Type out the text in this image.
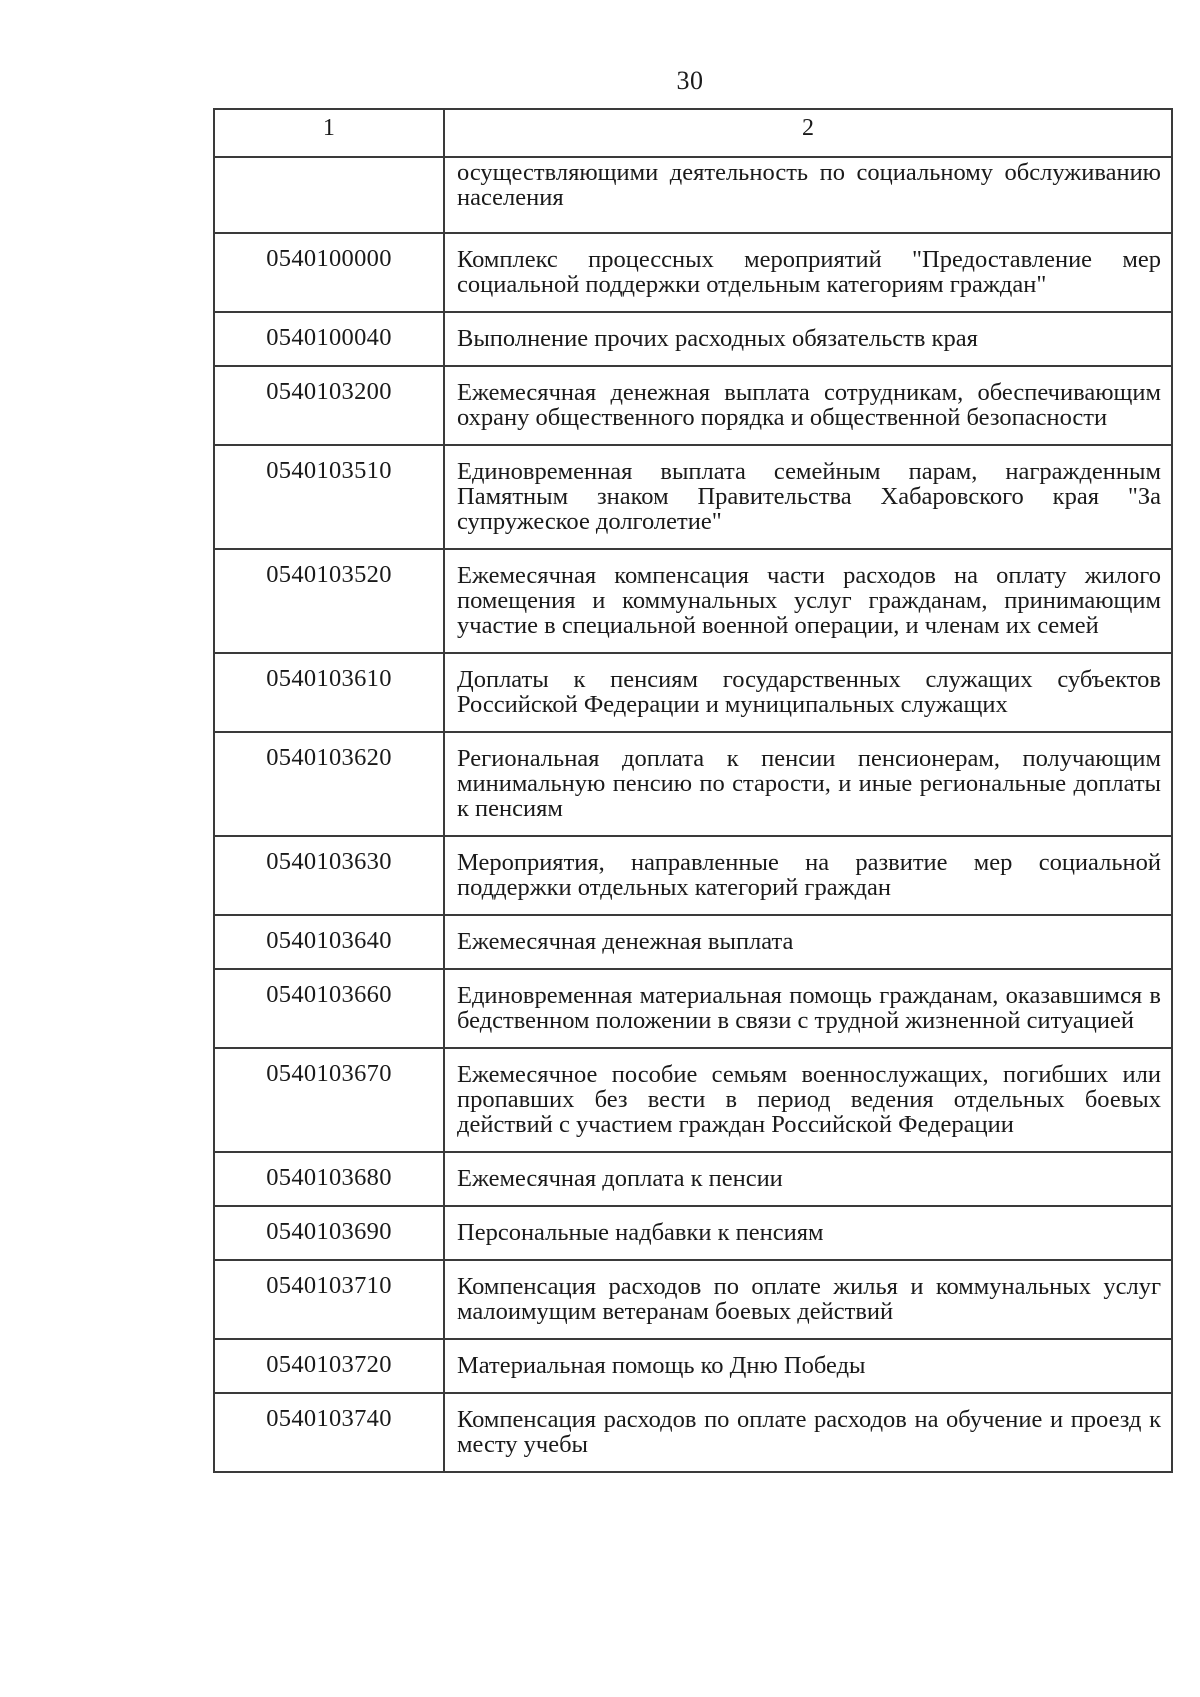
30
1	2
	осуществляющими деятельность по социальному обслуживанию населения
0540100000	Комплекс процессных мероприятий "Предоставление мер социальной поддержки отдельным категориям граждан"
0540100040	Выполнение прочих расходных обязательств края
0540103200	Ежемесячная денежная выплата сотрудникам, обеспечивающим охрану общественного порядка и общественной безопасности
0540103510	Единовременная выплата семейным парам, награжденным Памятным знаком Правительства Хабаровского края "За супружеское долголетие"
0540103520	Ежемесячная компенсация части расходов на оплату жилого помещения и коммунальных услуг гражданам, принимающим участие в специальной военной операции, и членам их семей
0540103610	Доплаты к пенсиям государственных служащих субъектов Российской Федерации и муниципальных служащих
0540103620	Региональная доплата к пенсии пенсионерам, получающим минимальную пенсию по старости, и иные региональные доплаты к пенсиям
0540103630	Мероприятия, направленные на развитие мер социальной поддержки отдельных категорий граждан
0540103640	Ежемесячная денежная выплата
0540103660	Единовременная материальная помощь гражданам, оказавшимся в бедственном положении в связи с трудной жизненной ситуацией
0540103670	Ежемесячное пособие семьям военнослужащих, погибших или пропавших без вести в период ведения отдельных боевых действий с участием граждан Российской Федерации
0540103680	Ежемесячная доплата к пенсии
0540103690	Персональные надбавки к пенсиям
0540103710	Компенсация расходов по оплате жилья и коммунальных услуг малоимущим ветеранам боевых действий
0540103720	Материальная помощь ко Дню Победы
0540103740	Компенсация расходов по оплате расходов на обучение и проезд к месту учебы
